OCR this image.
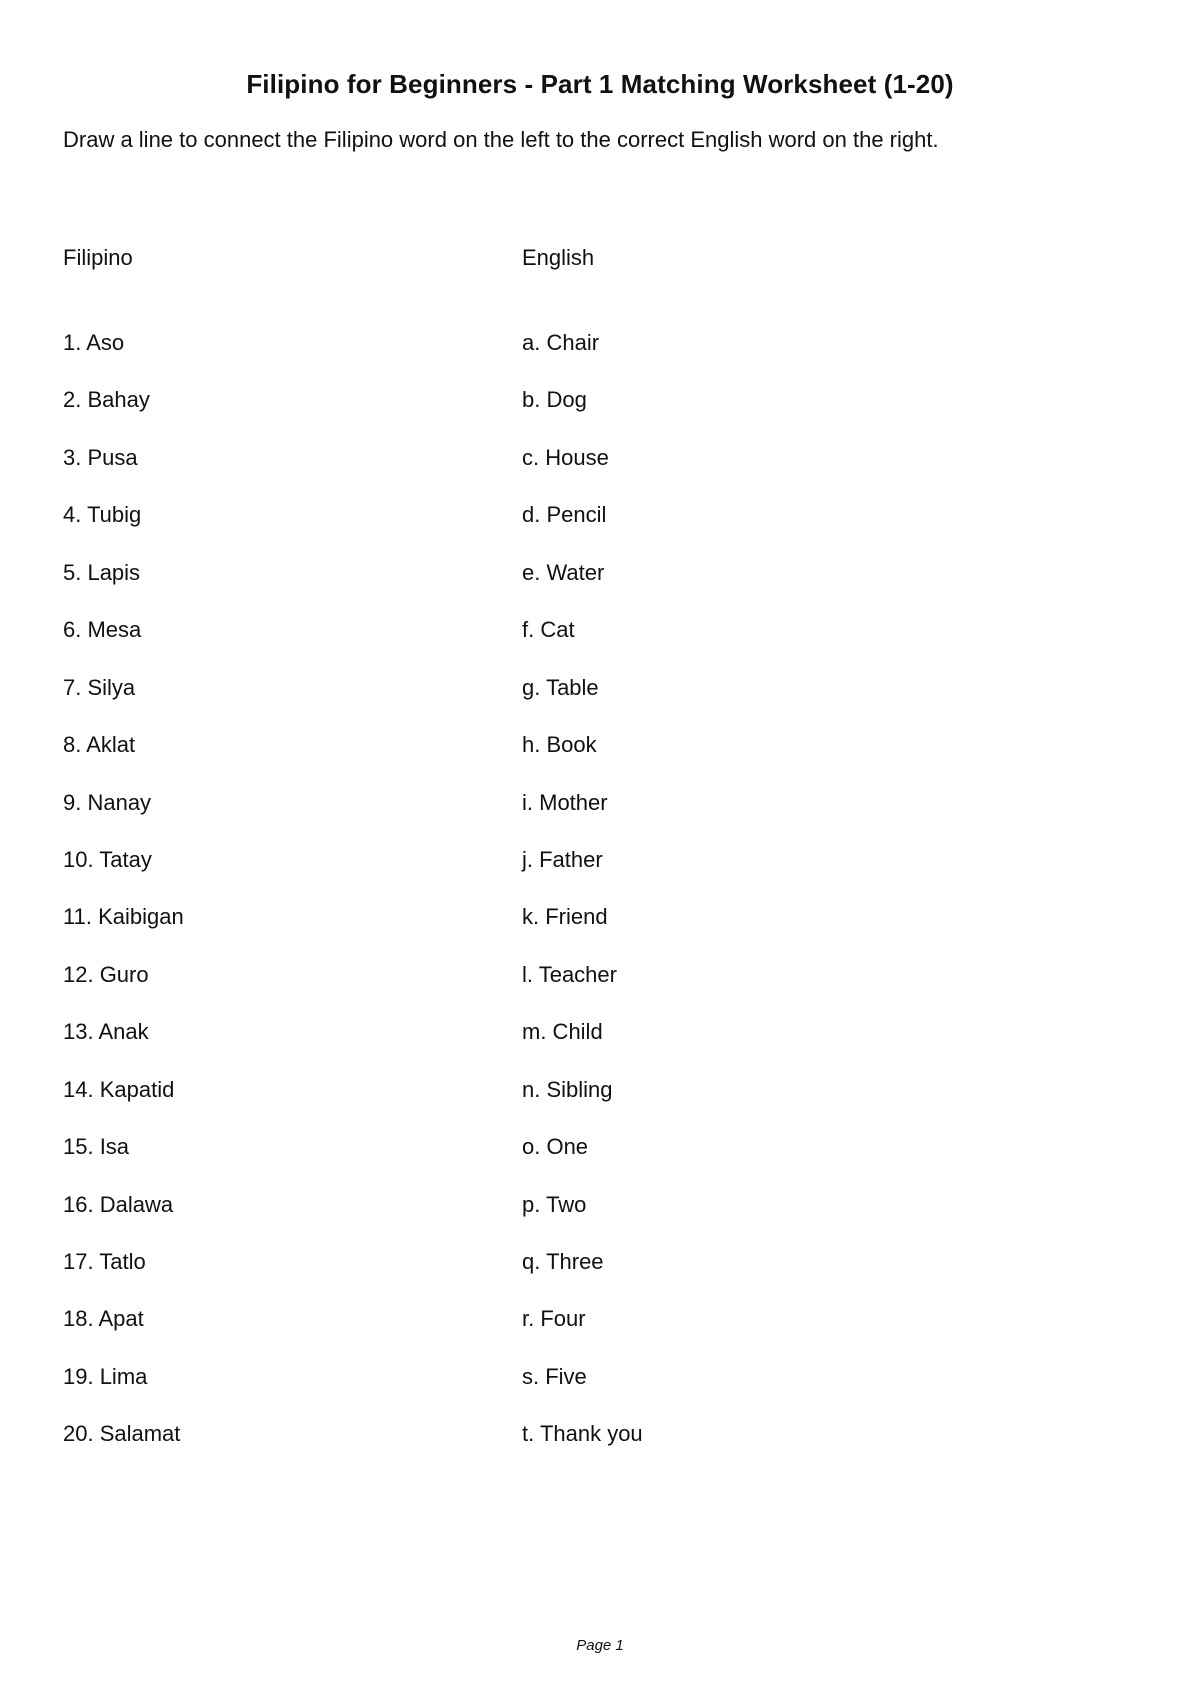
Filipino for Beginners - Part 1 Matching Worksheet (1-20)
Draw a line to connect the Filipino word on the left to the correct English word on the right.
Filipino	English
1. Aso
2. Bahay
3. Pusa
4. Tubig
5. Lapis
6. Mesa
7. Silya
8. Aklat
9. Nanay
10. Tatay
11. Kaibigan
12. Guro
13. Anak
14. Kapatid
15. Isa
16. Dalawa
17. Tatlo
18. Apat
19. Lima
20. Salamat
a. Chair
b. Dog
c. House
d. Pencil
e. Water
f. Cat
g. Table
h. Book
i. Mother
j. Father
k. Friend
l. Teacher
m. Child
n. Sibling
o. One
p. Two
q. Three
r. Four
s. Five
t. Thank you
Page 1
